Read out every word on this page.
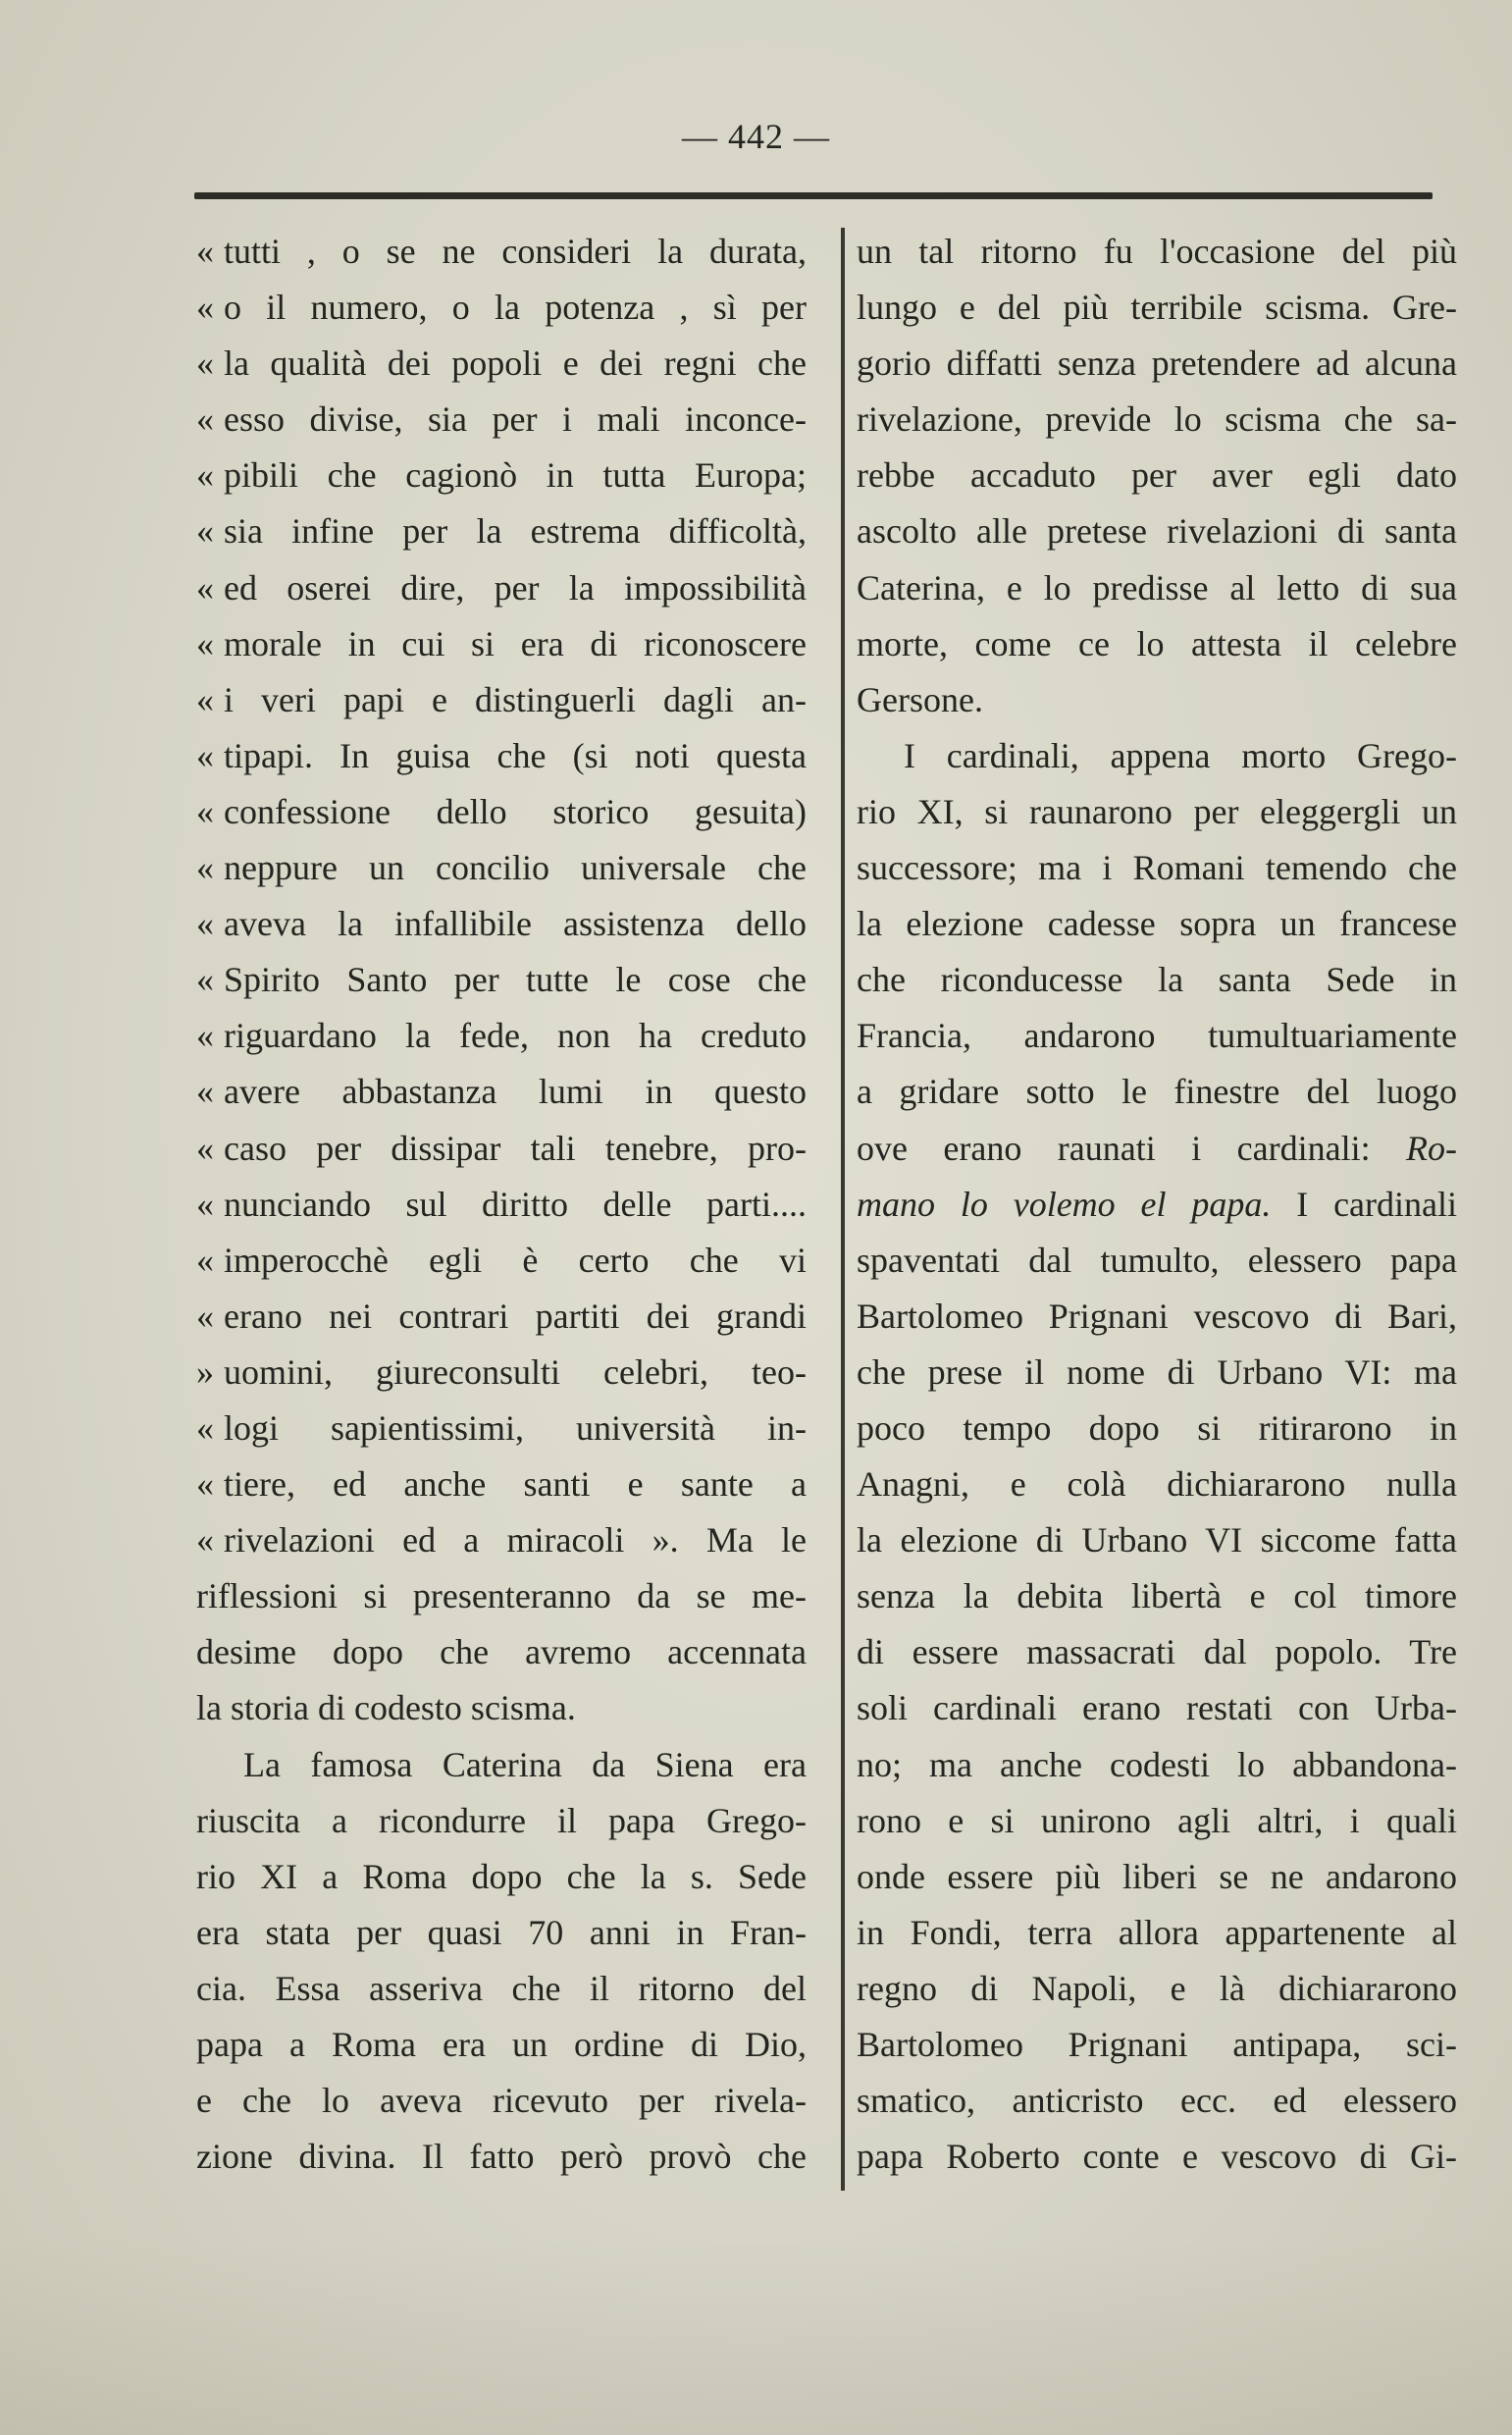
— 442 —
« tutti , o se ne consideri la durata,
« o il numero, o la potenza , sì per
« la qualità dei popoli e dei regni che
« esso divise, sia per i mali inconce-
« pibili che cagionò in tutta Europa;
« sia infine per la estrema difficoltà,
« ed oserei dire, per la impossibilità
« morale in cui si era di riconoscere
« i veri papi e distinguerli dagli an-
« tipapi. In guisa che (si noti questa
« confessione dello storico gesuita)
« neppure un concilio universale che
« aveva la infallibile assistenza dello
« Spirito Santo per tutte le cose che
« riguardano la fede, non ha creduto
« avere abbastanza lumi in questo
« caso per dissipar tali tenebre, pro-
« nunciando sul diritto delle parti....
« imperocchè egli è certo che vi
« erano nei contrari partiti dei grandi
» uomini, giureconsulti celebri, teo-
« logi sapientissimi, università in-
« tiere, ed anche santi e sante a
« rivelazioni ed a miracoli ». Ma le
riflessioni si presenteranno da se me-
desime dopo che avremo accennata
la storia di codesto scisma.
La famosa Caterina da Siena era
riuscita a ricondurre il papa Grego-
rio XI a Roma dopo che la s. Sede
era stata per quasi 70 anni in Fran-
cia. Essa asseriva che il ritorno del
papa a Roma era un ordine di Dio,
e che lo aveva ricevuto per rivela-
zione divina. Il fatto però provò che
un tal ritorno fu l'occasione del più
lungo e del più terribile scisma. Gre-
gorio diffatti senza pretendere ad alcuna
rivelazione, previde lo scisma che sa-
rebbe accaduto per aver egli dato
ascolto alle pretese rivelazioni di santa
Caterina, e lo predisse al letto di sua
morte, come ce lo attesta il celebre
Gersone.
I cardinali, appena morto Grego-
rio XI, si raunarono per eleggergli un
successore; ma i Romani temendo che
la elezione cadesse sopra un francese
che riconducesse la santa Sede in
Francia, andarono tumultuariamente
a gridare sotto le finestre del luogo
ove erano raunati i cardinali: Ro-
mano lo volemo el papa. I cardinali
spaventati dal tumulto, elessero papa
Bartolomeo Prignani vescovo di Bari,
che prese il nome di Urbano VI: ma
poco tempo dopo si ritirarono in
Anagni, e colà dichiararono nulla
la elezione di Urbano VI siccome fatta
senza la debita libertà e col timore
di essere massacrati dal popolo. Tre
soli cardinali erano restati con Urba-
no; ma anche codesti lo abbandona-
rono e si unirono agli altri, i quali
onde essere più liberi se ne andarono
in Fondi, terra allora appartenente al
regno di Napoli, e là dichiararono
Bartolomeo Prignani antipapa, sci-
smatico, anticristo ecc. ed elessero
papa Roberto conte e vescovo di Gi-
